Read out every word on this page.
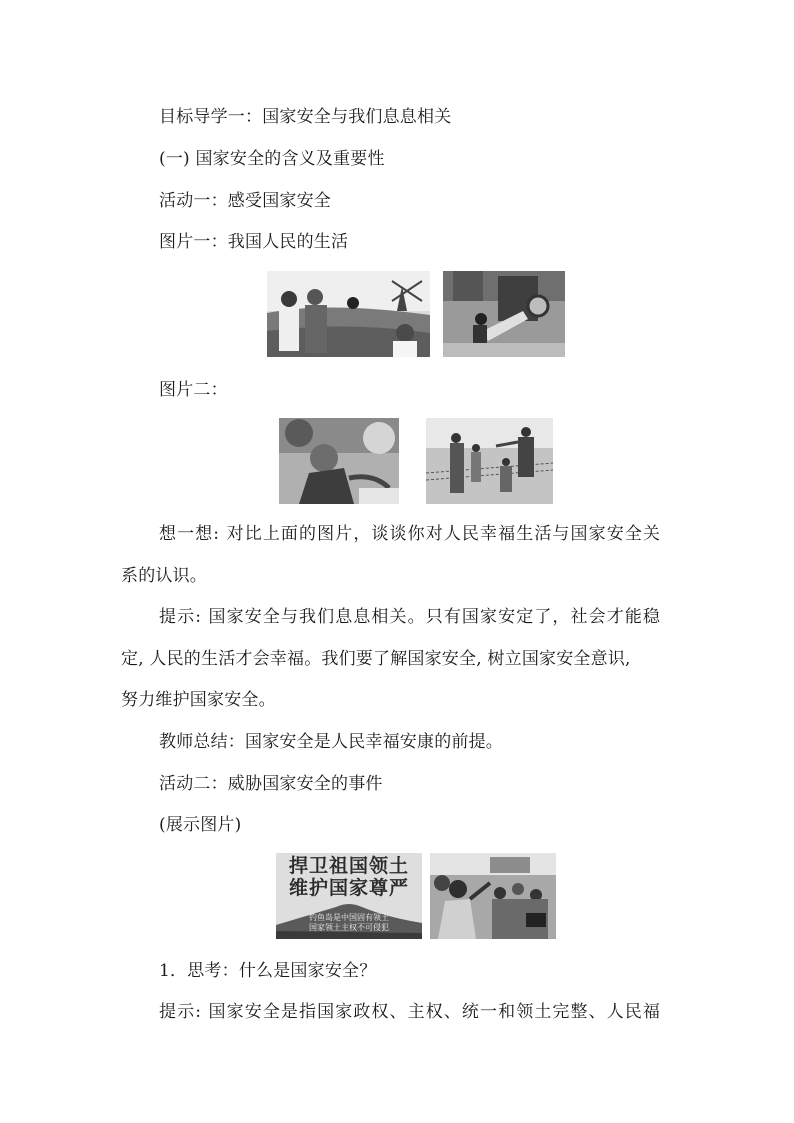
目标导学一：国家安全与我们息息相关
(一) 国家安全的含义及重要性
活动一：感受国家安全
图片一：我国人民的生活
图片二：
想一想: 对比上面的图片，谈谈你对人民幸福生活与国家安全关
系的认识。
提示: 国家安全与我们息息相关。只有国家安定了，社会才能稳
定, 人民的生活才会幸福。我们要了解国家安全, 树立国家安全意识,
努力维护国家安全。
教师总结：国家安全是人民幸福安康的前提。
活动二：威胁国家安全的事件
(展示图片)
捍卫祖国领土
维护国家尊严
钓鱼岛是中国固有领土
国家领土主权不可侵犯
1．思考：什么是国家安全？
提示: 国家安全是指国家政权、主权、统一和领土完整、人民福
